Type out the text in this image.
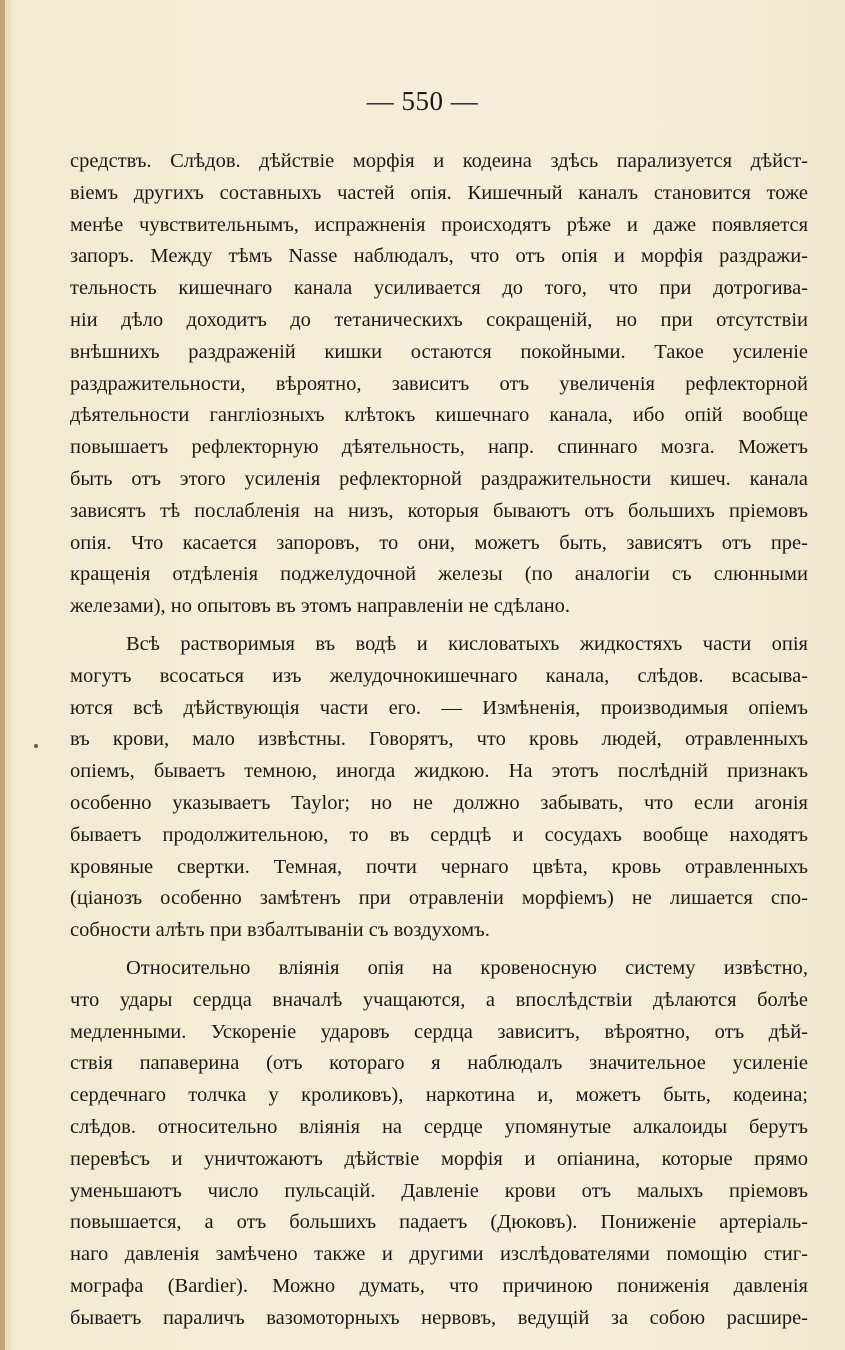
— 550 —
средствъ. Слѣдов. дѣйствіе морфія и кодеина здѣсь парализуется дѣйст-
віемъ другихъ составныхъ частей опія. Кишечный каналъ становится тоже
менѣе чувствительнымъ, испражненія происходятъ рѣже и даже появляется
запоръ. Между тѣмъ Nasse наблюдалъ, что отъ опія и морфія раздражи-
тельность кишечнаго канала усиливается до того, что при дотрогива-
ніи дѣло доходитъ до тетаническихъ сокращеній, но при отсутствіи
внѣшнихъ раздраженій кишки остаются покойными. Такое усиленіе
раздражительности, вѣроятно, зависитъ отъ увеличенія рефлекторной
дѣятельности гангліозныхъ клѣтокъ кишечнаго канала, ибо опій вообще
повышаетъ рефлекторную дѣятельность, напр. спиннаго мозга. Можетъ
быть отъ этого усиленія рефлекторной раздражительности кишеч. канала
зависятъ тѣ послабленія на низъ, которыя бываютъ отъ большихъ пріемовъ
опія. Что касается запоровъ, то они, можетъ быть, зависятъ отъ пре-
кращенія отдѣленія поджелудочной железы (по аналогіи съ слюнными
железами), но опытовъ въ этомъ направленіи не сдѣлано.
Всѣ растворимыя въ водѣ и кисловатыхъ жидкостяхъ части опія
могутъ всосаться изъ желудочнокишечнаго канала, слѣдов. всасыва-
ются всѣ дѣйствующія части его. — Измѣненія, производимыя опіемъ
въ крови, мало извѣстны. Говорятъ, что кровь людей, отравленныхъ
опіемъ, бываетъ темною, иногда жидкою. На этотъ послѣдній признакъ
особенно указываетъ Taylor; но не должно забывать, что если агонія
бываетъ продолжительною, то въ сердцѣ и сосудахъ вообще находятъ
кровяные свертки. Темная, почти чернаго цвѣта, кровь отравленныхъ
(ціанозъ особенно замѣтенъ при отравленіи морфіемъ) не лишается спо-
собности алѣть при взбалтываніи съ воздухомъ.
Относительно вліянія опія на кровеносную систему извѣстно,
что удары сердца вначалѣ учащаются, а впослѣдствіи дѣлаются болѣе
медленными. Ускореніе ударовъ сердца зависитъ, вѣроятно, отъ дѣй-
ствія папаверина (отъ котораго я наблюдалъ значительное усиленіе
сердечнаго толчка у кроликовъ), наркотина и, можетъ быть, кодеина;
слѣдов. относительно вліянія на сердце упомянутые алкалоиды берутъ
перевѣсъ и уничтожаютъ дѣйствіе морфія и опіанина, которые прямо
уменьшаютъ число пульсацій. Давленіе крови отъ малыхъ пріемовъ
повышается, а отъ большихъ падаетъ (Дюковъ). Пониженіе артеріаль-
наго давленія замѣчено также и другими изслѣдователями помощію стиг-
мографа (Bardier). Можно думать, что причиною пониженія давленія
бываетъ параличъ вазомоторныхъ нервовъ, ведущій за собою расшире-
